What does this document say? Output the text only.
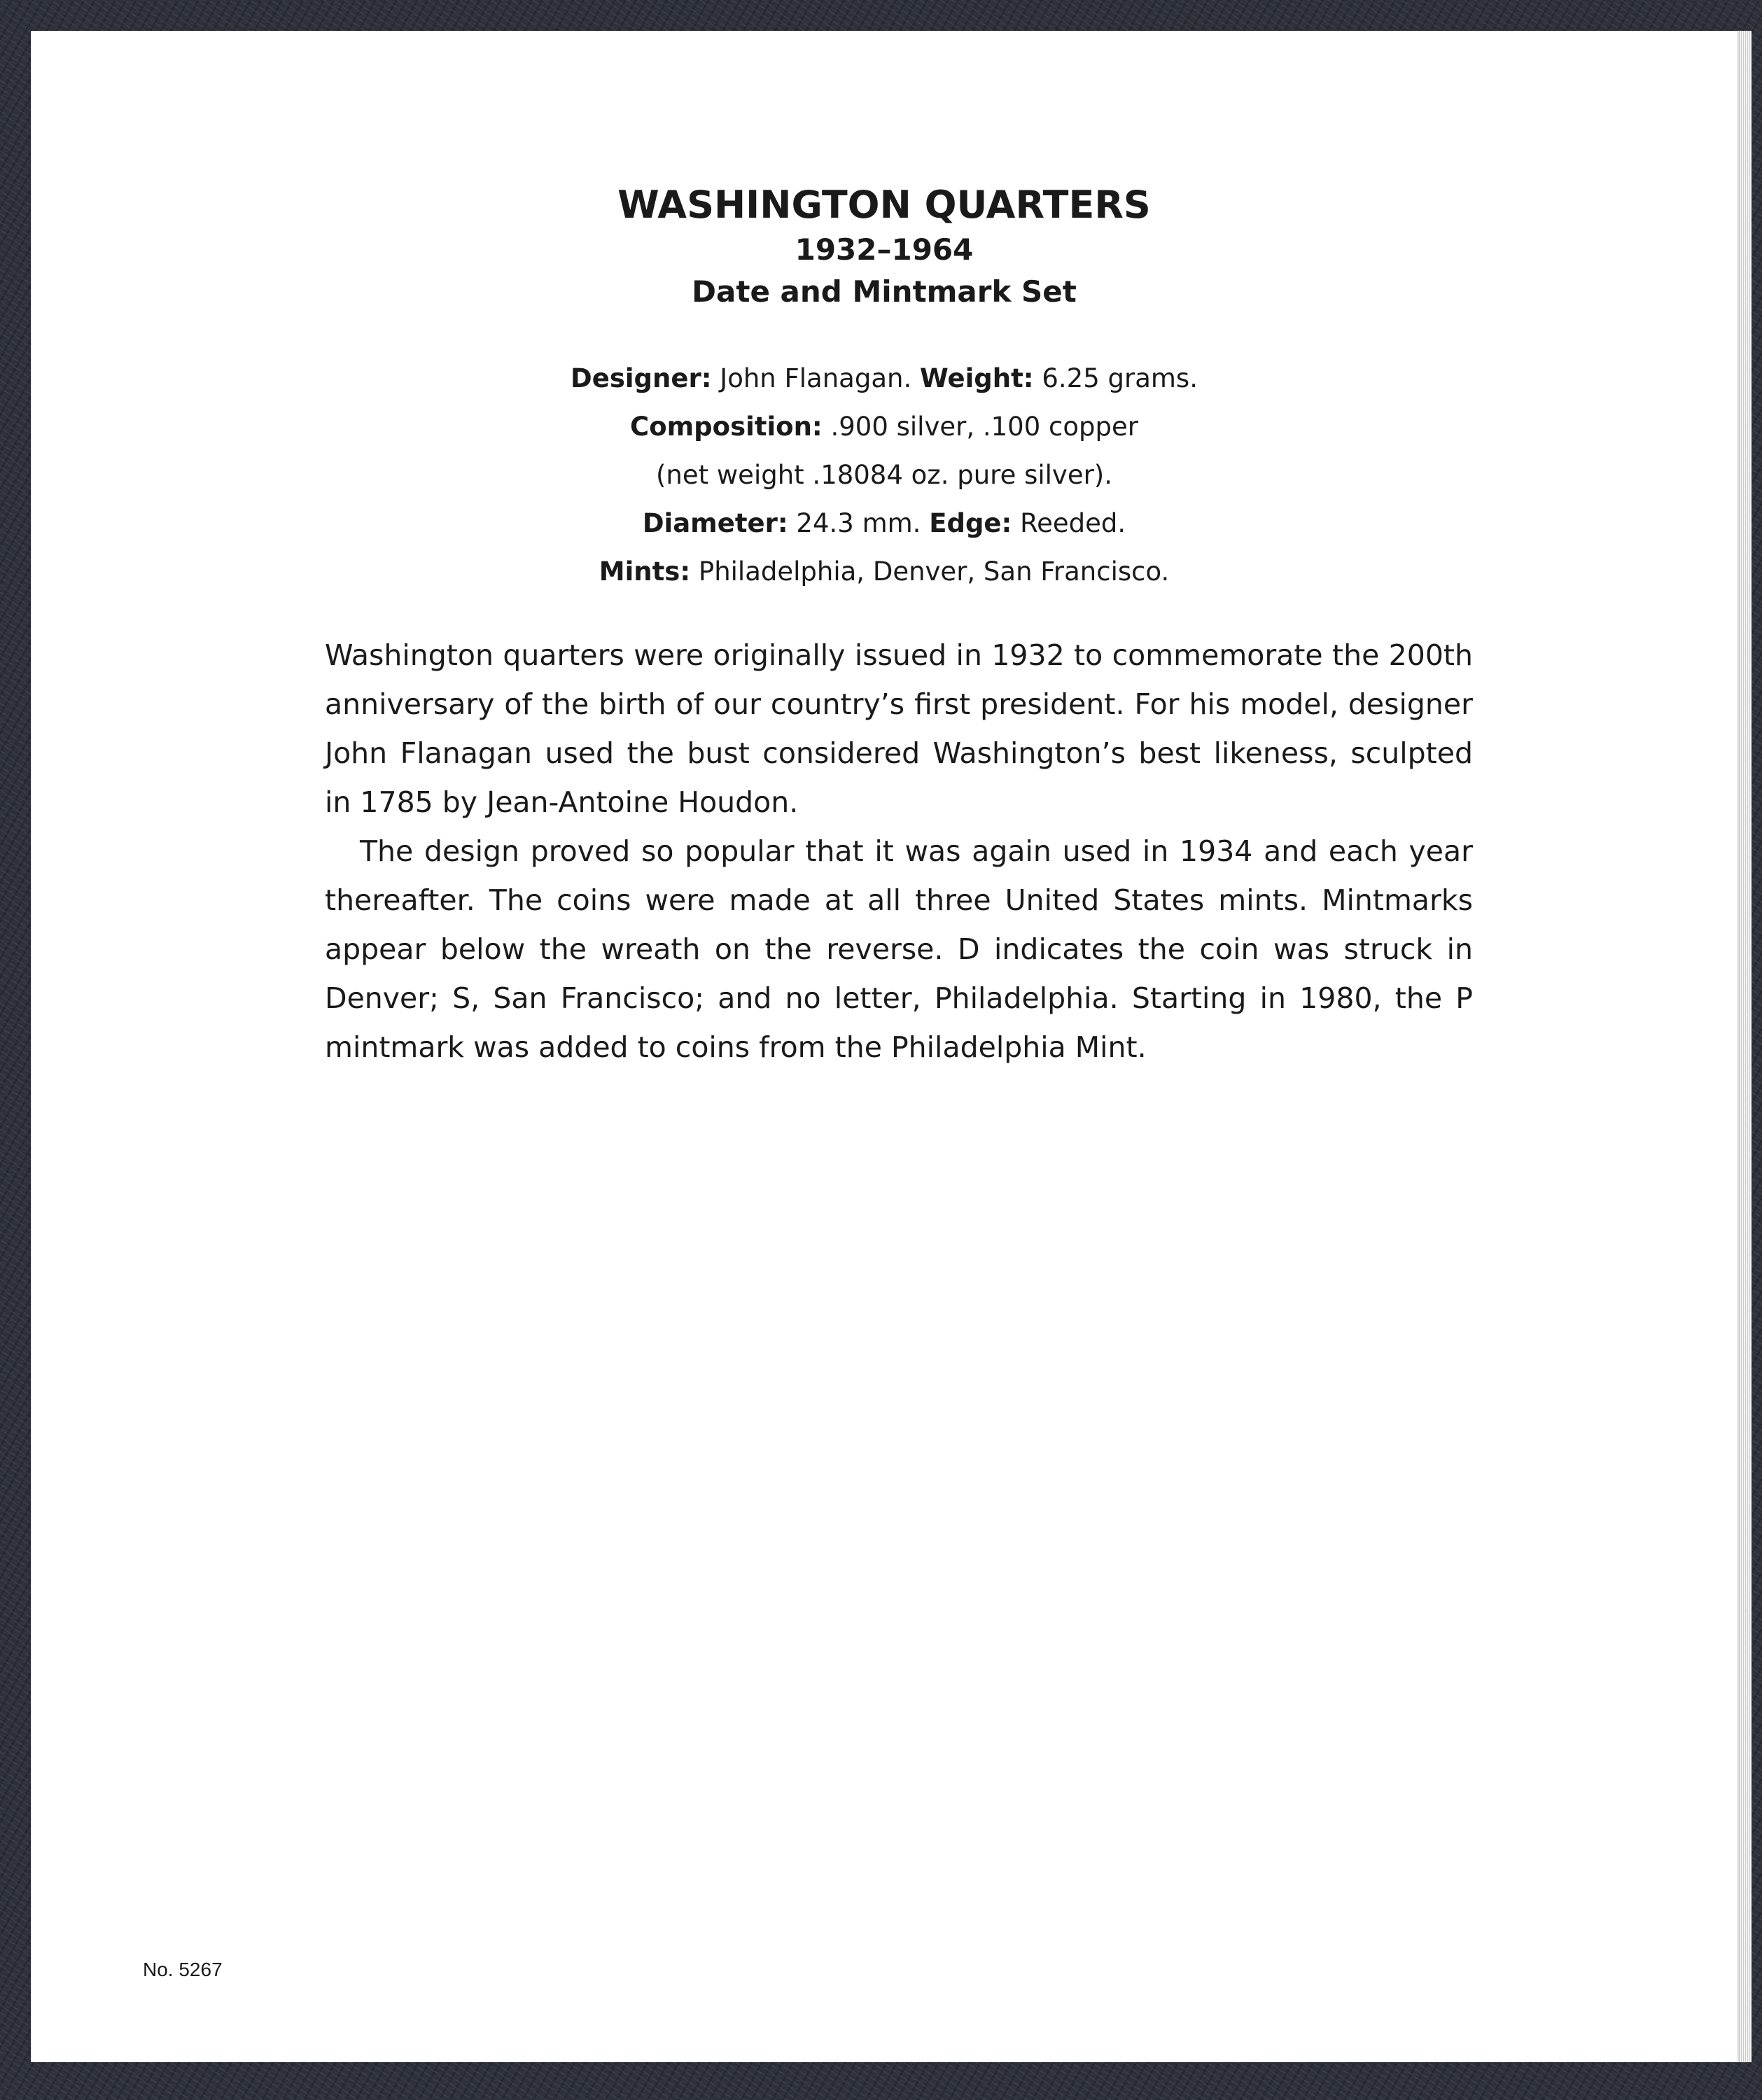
WASHINGTON QUARTERS
1932–1964
Date and Mintmark Set
Designer: John Flanagan. Weight: 6.25 grams.
Composition: .900 silver, .100 copper
(net weight .18084 oz. pure silver).
Diameter: 24.3 mm. Edge: Reeded.
Mints: Philadelphia, Denver, San Francisco.

Washington quarters were originally issued in 1932 to commemorate the 200th anniversary of the birth of our country’s first president. For his model, designer John Flanagan used the bust considered Washington’s best likeness, sculpted in 1785 by Jean-Antoine Houdon.

The design proved so popular that it was again used in 1934 and each year thereafter. The coins were made at all three United States mints. Mintmarks appear below the wreath on the reverse. D indicates the coin was struck in Denver; S, San Francisco; and no letter, Philadelphia. Starting in 1980, the P mintmark was added to coins from the Philadelphia Mint.

No. 5267
